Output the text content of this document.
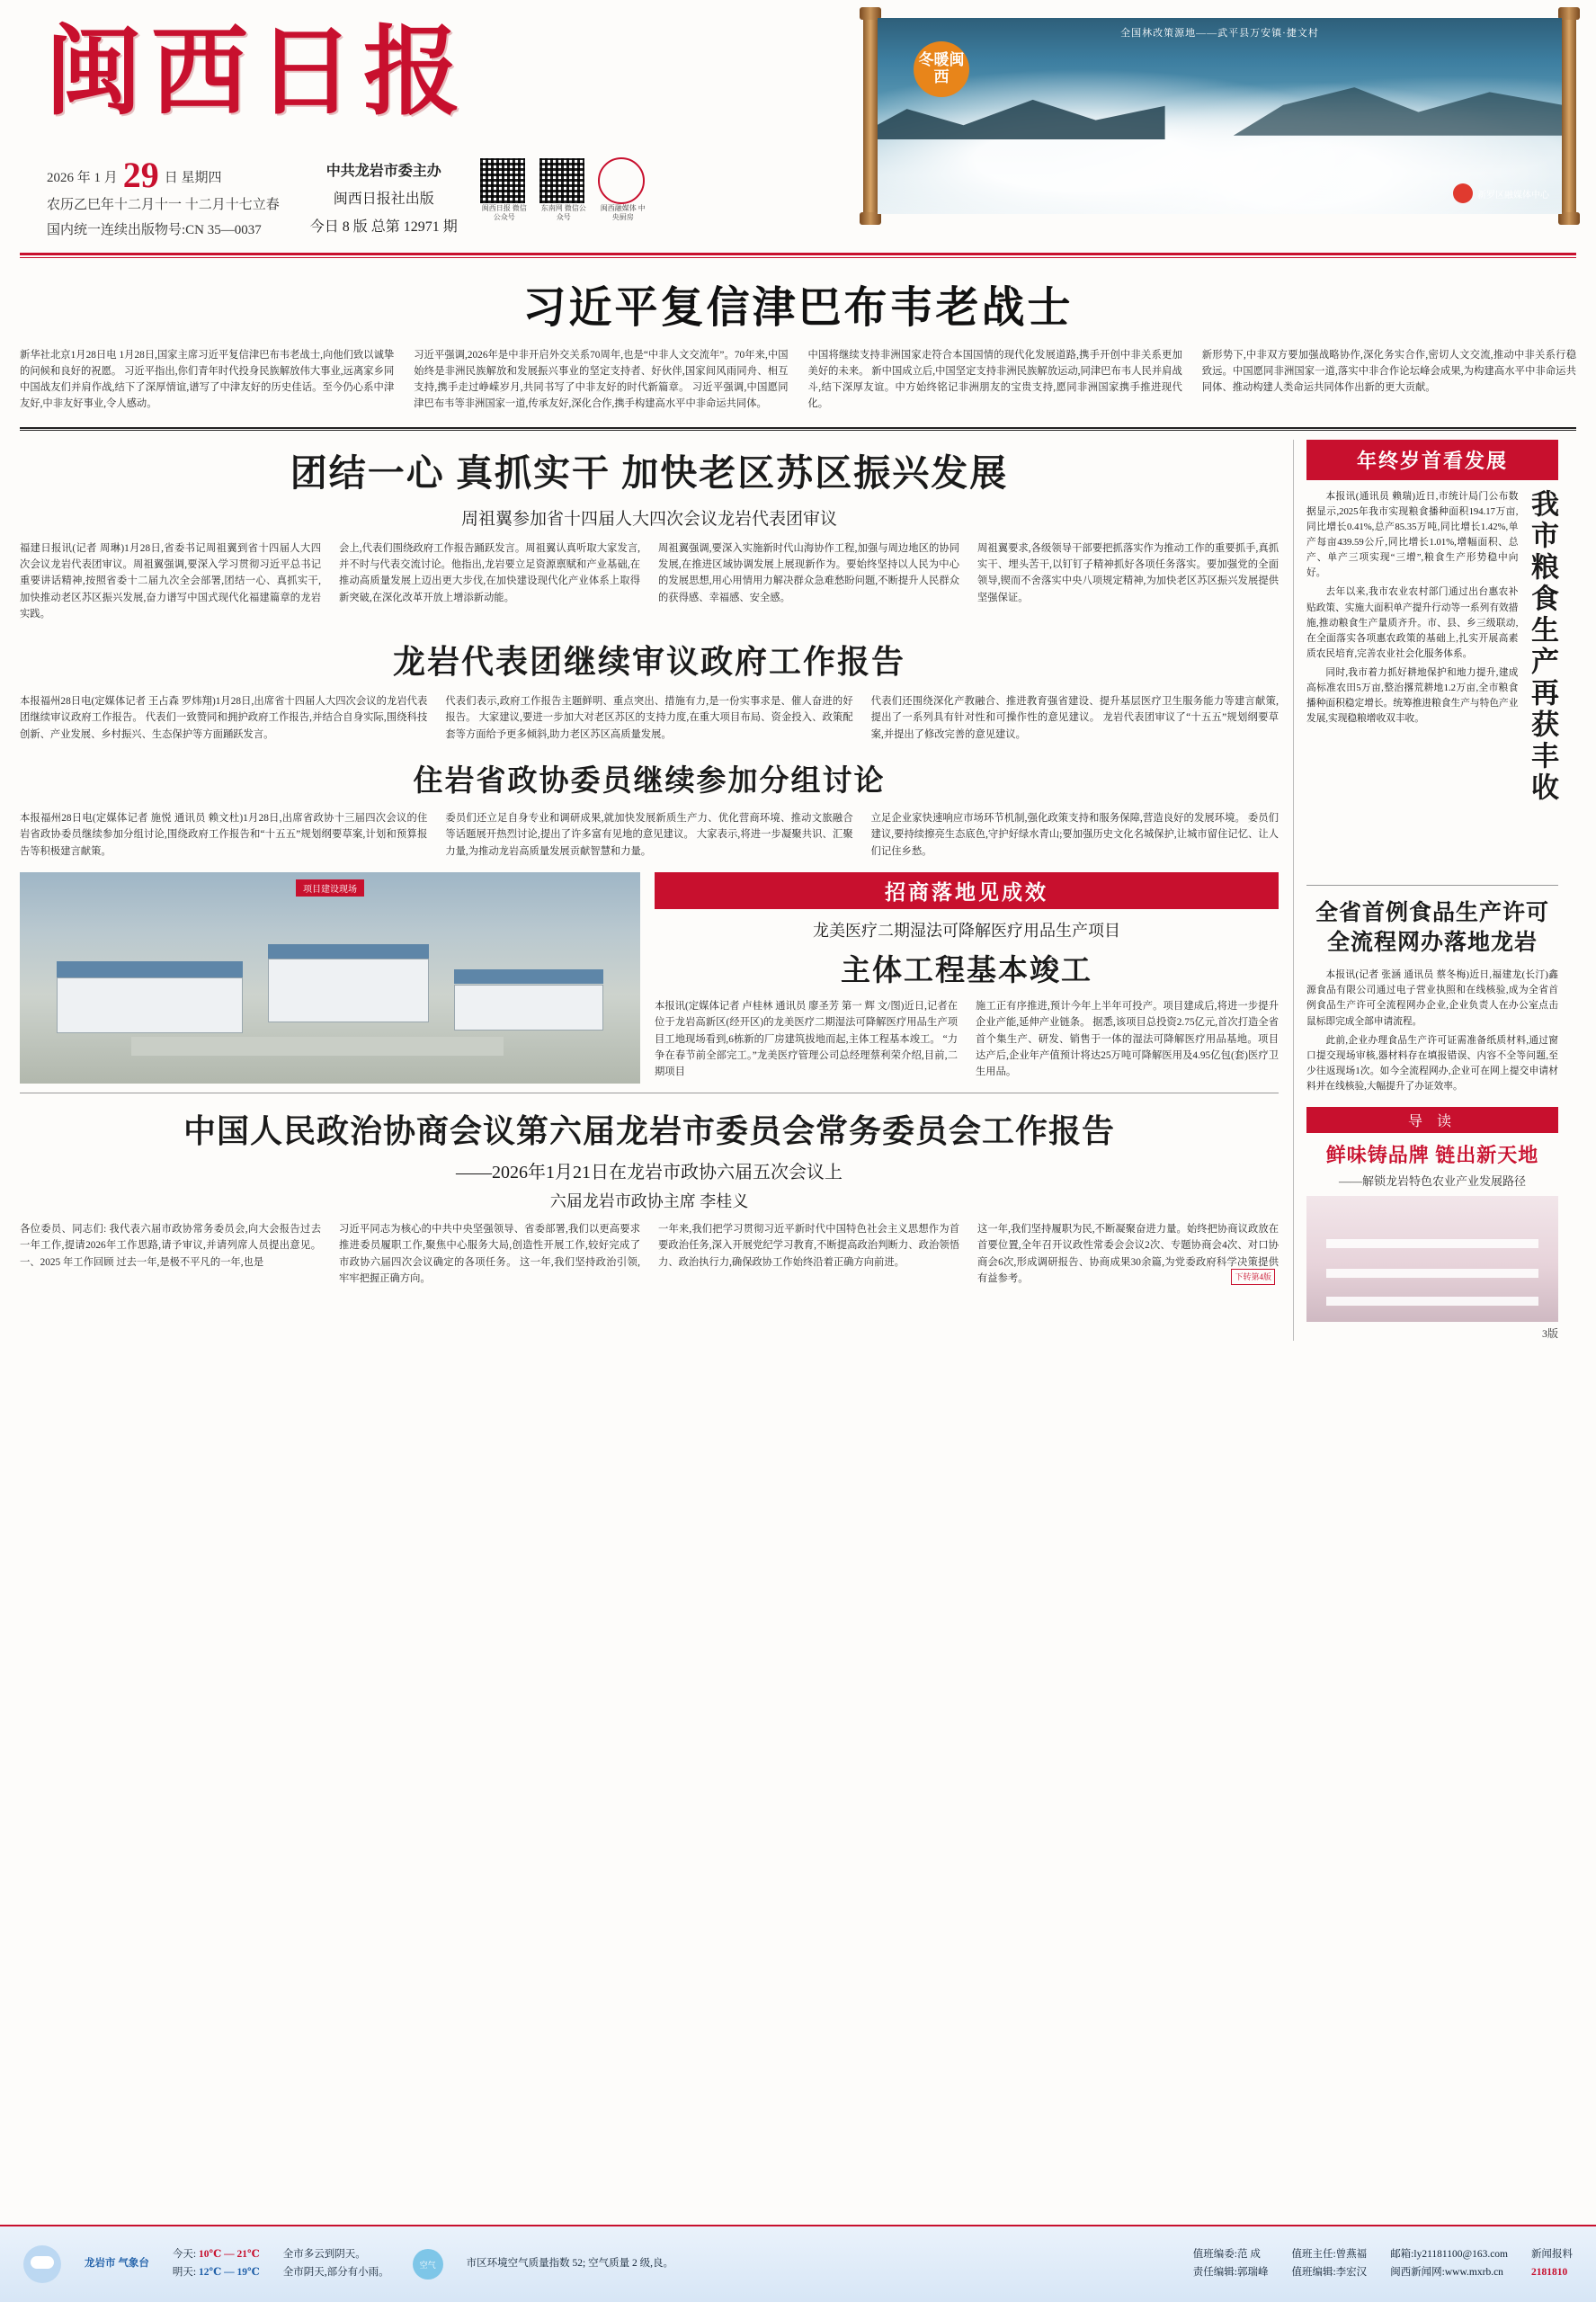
闽西日报
2026 年 1 月 29 日 星期四
农历乙巳年十二月十一 十二月十七立春
国内统一连续出版物号:CN 35—0037
中共龙岩市委主办
闽西日报社出版
今日 8 版 总第 12971 期
闽西日报 微信公众号
东南网 微信公众号
闽西融媒体 中央厨房
全国林改策源地——武平县万安镇·捷文村
冬暖闽西
新罗区融媒体中心
习近平复信津巴布韦老战士
新华社北京1月28日电 1月28日,国家主席习近平复信津巴布韦老战士,向他们致以诚挚的问候和良好的祝愿。 习近平指出,你们青年时代投身民族解放伟大事业,远离家乡同中国战友们并肩作战,结下了深厚情谊,谱写了中津友好的历史佳话。至今仍心系中津友好,中非友好事业,令人感动。
习近平强调,2026年是中非开启外交关系70周年,也是“中非人文交流年”。70年来,中国始终是非洲民族解放和发展振兴事业的坚定支持者、好伙伴,国家间风雨同舟、相互支持,携手走过峥嵘岁月,共同书写了中非友好的时代新篇章。 习近平强调,中国愿同津巴布韦等非洲国家一道,传承友好,深化合作,携手构建高水平中非命运共同体。
中国将继续支持非洲国家走符合本国国情的现代化发展道路,携手开创中非关系更加美好的未来。 新中国成立后,中国坚定支持非洲民族解放运动,同津巴布韦人民并肩战斗,结下深厚友谊。中方始终铭记非洲朋友的宝贵支持,愿同非洲国家携手推进现代化。
新形势下,中非双方要加强战略协作,深化务实合作,密切人文交流,推动中非关系行稳致远。中国愿同非洲国家一道,落实中非合作论坛峰会成果,为构建高水平中非命运共同体、推动构建人类命运共同体作出新的更大贡献。
团结一心 真抓实干 加快老区苏区振兴发展
周祖翼参加省十四届人大四次会议龙岩代表团审议
福建日报讯(记者 周琳)1月28日,省委书记周祖翼到省十四届人大四次会议龙岩代表团审议。周祖翼强调,要深入学习贯彻习近平总书记重要讲话精神,按照省委十二届九次全会部署,团结一心、真抓实干,加快推动老区苏区振兴发展,奋力谱写中国式现代化福建篇章的龙岩实践。
会上,代表们围绕政府工作报告踊跃发言。周祖翼认真听取大家发言,并不时与代表交流讨论。他指出,龙岩要立足资源禀赋和产业基础,在推动高质量发展上迈出更大步伐,在加快建设现代化产业体系上取得新突破,在深化改革开放上增添新动能。
周祖翼强调,要深入实施新时代山海协作工程,加强与周边地区的协同发展,在推进区域协调发展上展现新作为。要始终坚持以人民为中心的发展思想,用心用情用力解决群众急难愁盼问题,不断提升人民群众的获得感、幸福感、安全感。
周祖翼要求,各级领导干部要把抓落实作为推动工作的重要抓手,真抓实干、埋头苦干,以钉钉子精神抓好各项任务落实。要加强党的全面领导,锲而不舍落实中央八项规定精神,为加快老区苏区振兴发展提供坚强保证。
龙岩代表团继续审议政府工作报告
本报福州28日电(定媒体记者 王占森 罗炜翔)1月28日,出席省十四届人大四次会议的龙岩代表团继续审议政府工作报告。 代表们一致赞同和拥护政府工作报告,并结合自身实际,围绕科技创新、产业发展、乡村振兴、生态保护等方面踊跃发言。
代表们表示,政府工作报告主题鲜明、重点突出、措施有力,是一份实事求是、催人奋进的好报告。 大家建议,要进一步加大对老区苏区的支持力度,在重大项目布局、资金投入、政策配套等方面给予更多倾斜,助力老区苏区高质量发展。
代表们还围绕深化产教融合、推进教育强省建设、提升基层医疗卫生服务能力等建言献策,提出了一系列具有针对性和可操作性的意见建议。 龙岩代表团审议了“十五五”规划纲要草案,并提出了修改完善的意见建议。
住岩省政协委员继续参加分组讨论
本报福州28日电(定媒体记者 施悦 通讯员 赖文杜)1月28日,出席省政协十三届四次会议的住岩省政协委员继续参加分组讨论,围绕政府工作报告和“十五五”规划纲要草案,计划和预算报告等积极建言献策。
委员们还立足自身专业和调研成果,就加快发展新质生产力、优化营商环境、推动文旅融合等话题展开热烈讨论,提出了许多富有见地的意见建议。 大家表示,将进一步凝聚共识、汇聚力量,为推动龙岩高质量发展贡献智慧和力量。
立足企业家快速响应市场环节机制,强化政策支持和服务保障,营造良好的发展环境。 委员们建议,要持续擦亮生态底色,守护好绿水青山;要加强历史文化名城保护,让城市留住记忆、让人们记住乡愁。
项目建设现场	招商落地见成效
龙美医疗二期湿法可降解医疗用品生产项目
主体工程基本竣工
本报讯(定媒体记者 卢桂林 通讯员 廖圣芳 第一 辉 文/图)近日,记者在位于龙岩高新区(经开区)的龙美医疗二期湿法可降解医疗用品生产项目工地现场看到,6栋新的厂房建筑拔地而起,主体工程基本竣工。 “力争在春节前全部完工。”龙美医疗管理公司总经理蔡利荣介绍,目前,二期项目
施工正有序推进,预计今年上半年可投产。项目建成后,将进一步提升企业产能,延伸产业链条。 据悉,该项目总投资2.75亿元,首次打造全省首个集生产、研发、销售于一体的湿法可降解医疗用品基地。项目达产后,企业年产值预计将达25万吨可降解医用及4.95亿包(套)医疗卫生用品。
中国人民政治协商会议第六届龙岩市委员会常务委员会工作报告
——2026年1月21日在龙岩市政协六届五次会议上
六届龙岩市政协主席 李桂义
各位委员、同志们: 我代表六届市政协常务委员会,向大会报告过去一年工作,提请2026年工作思路,请予审议,并请列席人员提出意见。 一、2025 年工作回顾 过去一年,是极不平凡的一年,也是
习近平同志为核心的中共中央坚强领导、省委部署,我们以更高要求推进委员履职工作,聚焦中心服务大局,创造性开展工作,较好完成了市政协六届四次会议确定的各项任务。 这一年,我们坚持政治引领,牢牢把握正确方向。
一年来,我们把学习贯彻习近平新时代中国特色社会主义思想作为首要政治任务,深入开展党纪学习教育,不断提高政治判断力、政治领悟力、政治执行力,确保政协工作始终沿着正确方向前进。
这一年,我们坚持履职为民,不断凝聚奋进力量。始终把协商议政放在首要位置,全年召开议政性常委会会议2次、专题协商会4次、对口协商会6次,形成调研报告、协商成果30余篇,为党委政府科学决策提供有益参考。	下转第4版
年终岁首看发展
我市粮食生产再获丰收

本报讯(通讯员 赖瑞)近日,市统计局门公布数据显示,2025年我市实现粮食播种面积194.17万亩,同比增长0.41%,总产85.35万吨,同比增长1.42%,单产每亩439.59公斤,同比增长1.01%,增幅面积、总产、单产三项实现“三增”,粮食生产形势稳中向好。

去年以来,我市农业农村部门通过出台惠农补贴政策、实施大面积单产提升行动等一系列有效措施,推动粮食生产量质齐升。市、县、乡三级联动,在全面落实各项惠农政策的基础上,扎实开展高素质农民培育,完善农业社会化服务体系。

同时,我市着力抓好耕地保护和地力提升,建成高标准农田5万亩,整治撂荒耕地1.2万亩,全市粮食播种面积稳定增长。统筹推进粮食生产与特色产业发展,实现稳粮增收双丰收。

全省首例食品生产许可全流程网办落地龙岩

本报讯(记者 张涵 通讯员 蔡冬梅)近日,福建龙(长汀)鑫源食品有限公司通过电子营业执照和在线核验,成为全省首例食品生产许可全流程网办企业,企业负责人在办公室点击鼠标即完成全部申请流程。

此前,企业办理食品生产许可证需准备纸质材料,通过窗口提交现场审核,器材料存在填报错误、内容不全等问题,至少往返现场1次。如今全流程网办,企业可在网上提交申请材料并在线核验,大幅提升了办证效率。

导 读
鲜味铸品牌 链出新天地
——解锁龙岩特色农业产业发展路径
3版
龙岩市 气象台
今天: 10℃ — 21℃
明天: 12℃ — 19℃
全市多云到阴天。
全市阴天,部分有小雨。
空气	市区环境空气质量指数 52; 空气质量 2 级,良。
值班编委:范 成
责任编辑:郭瑞峰
值班主任:曾燕福
值班编辑:李宏汉
邮箱:ly21181100@163.com
闽西新闻网:www.mxrb.cn
新闻报料
2181810
